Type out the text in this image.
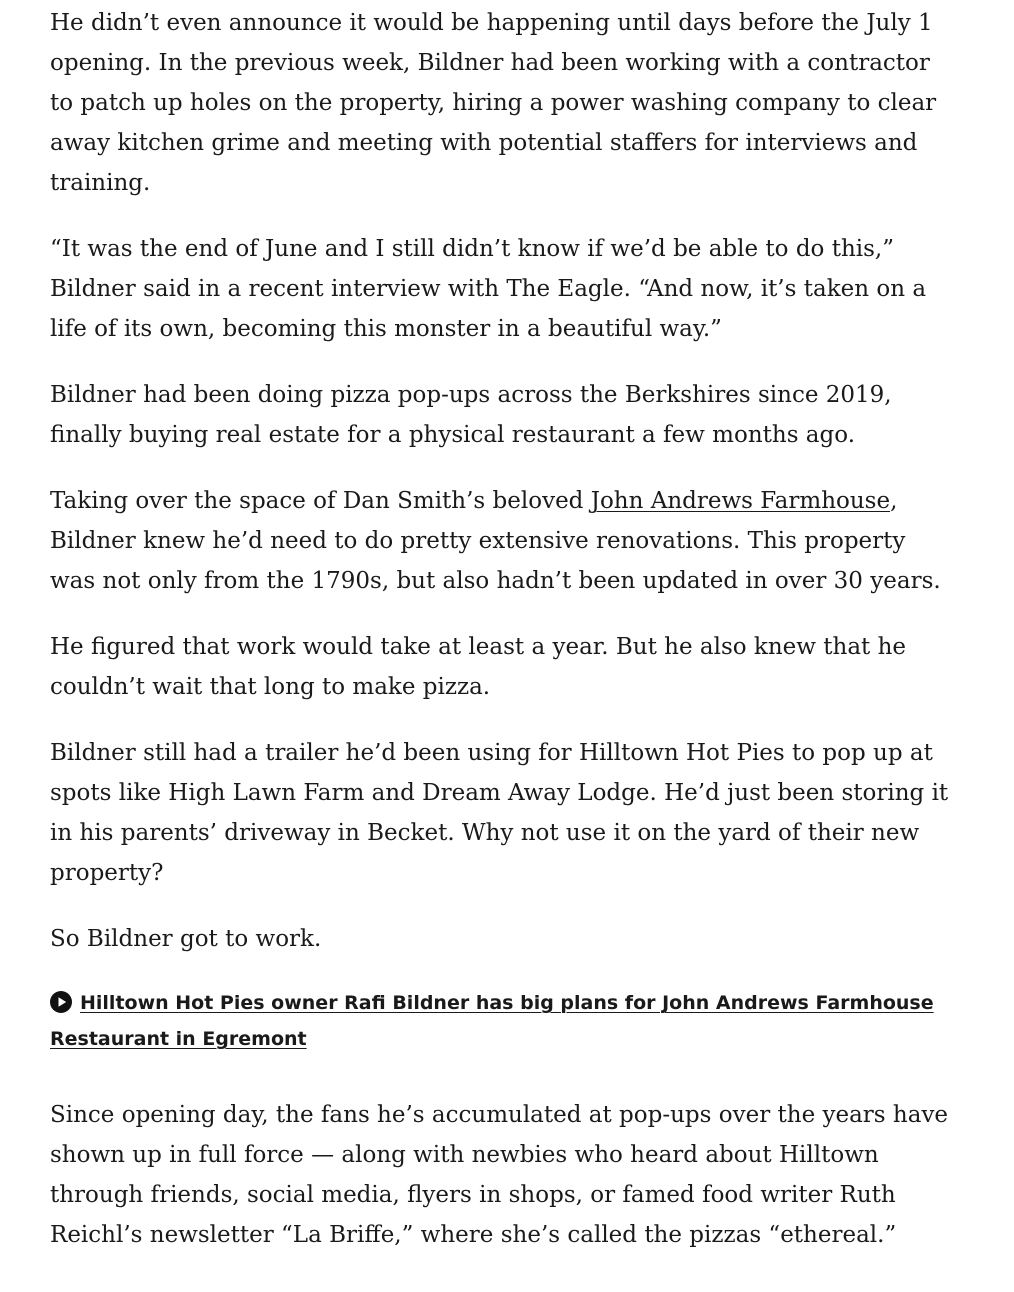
He didn’t even announce it would be happening until days before the July 1 opening. In the previous week, Bildner had been working with a contractor to patch up holes on the property, hiring a power washing company to clear away kitchen grime and meeting with potential staffers for interviews and training.

“It was the end of June and I still didn’t know if we’d be able to do this,” Bildner said in a recent interview with The Eagle. “And now, it’s taken on a life of its own, becoming this monster in a beautiful way.”

Bildner had been doing pizza pop-ups across the Berkshires since 2019, finally buying real estate for a physical restaurant a few months ago.

Taking over the space of Dan Smith’s beloved John Andrews Farmhouse, Bildner knew he’d need to do pretty extensive renovations. This property was not only from the 1790s, but also hadn’t been updated in over 30 years.

He figured that work would take at least a year. But he also knew that he couldn’t wait that long to make pizza.

Bildner still had a trailer he’d been using for Hilltown Hot Pies to pop up at spots like High Lawn Farm and Dream Away Lodge. He’d just been storing it in his parents’ driveway in Becket. Why not use it on the yard of their new property?

So Bildner got to work.

Hilltown Hot Pies owner Rafi Bildner has big plans for John Andrews Farmhouse Restaurant in Egremont

Since opening day, the fans he’s accumulated at pop-ups over the years have shown up in full force — along with newbies who heard about Hilltown through friends, social media, flyers in shops, or famed food writer Ruth Reichl’s newsletter “La Briffe,” where she’s called the pizzas “ethereal.”
